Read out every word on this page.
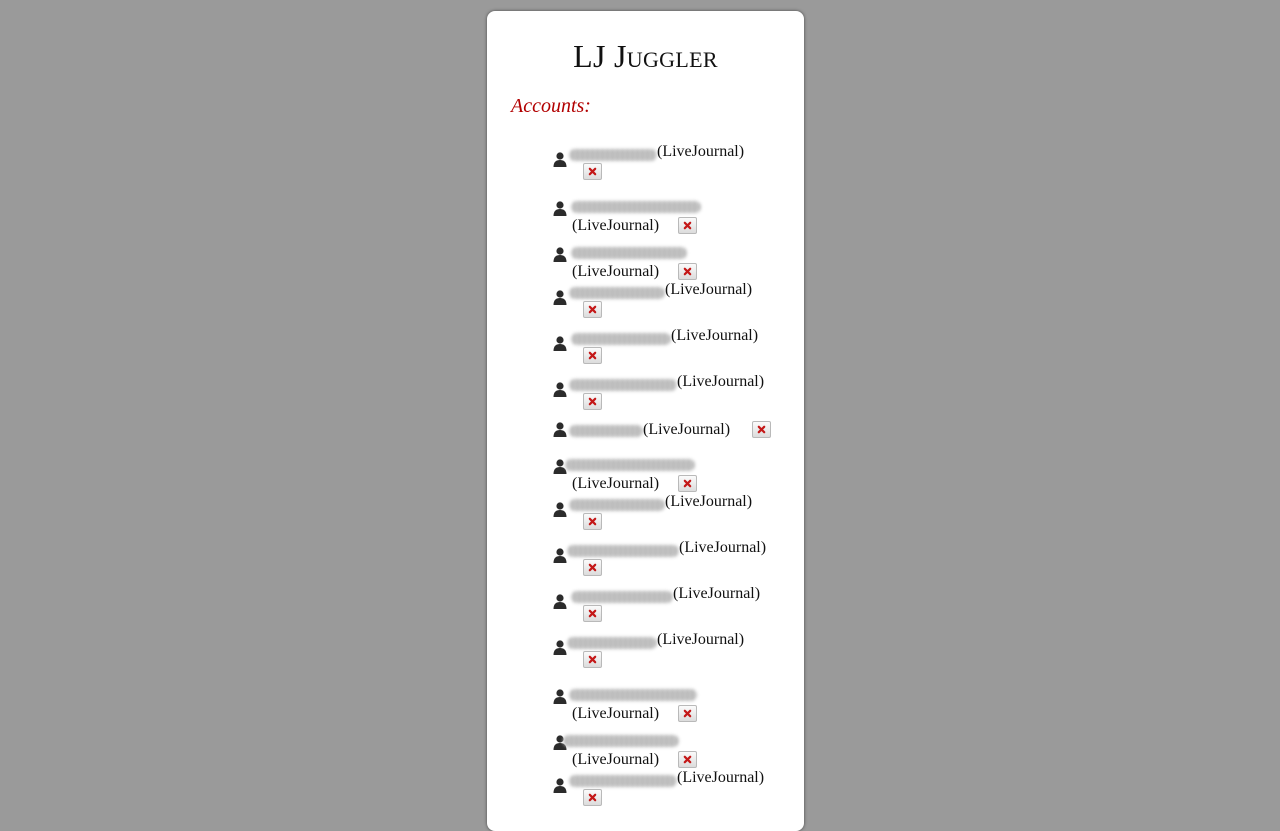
LJ Juggler
Accounts:
(LiveJournal)
(LiveJournal)
(LiveJournal)
(LiveJournal)
(LiveJournal)
(LiveJournal)
(LiveJournal)
(LiveJournal)
(LiveJournal)
(LiveJournal)
(LiveJournal)
(LiveJournal)
(LiveJournal)
(LiveJournal)
(LiveJournal)
